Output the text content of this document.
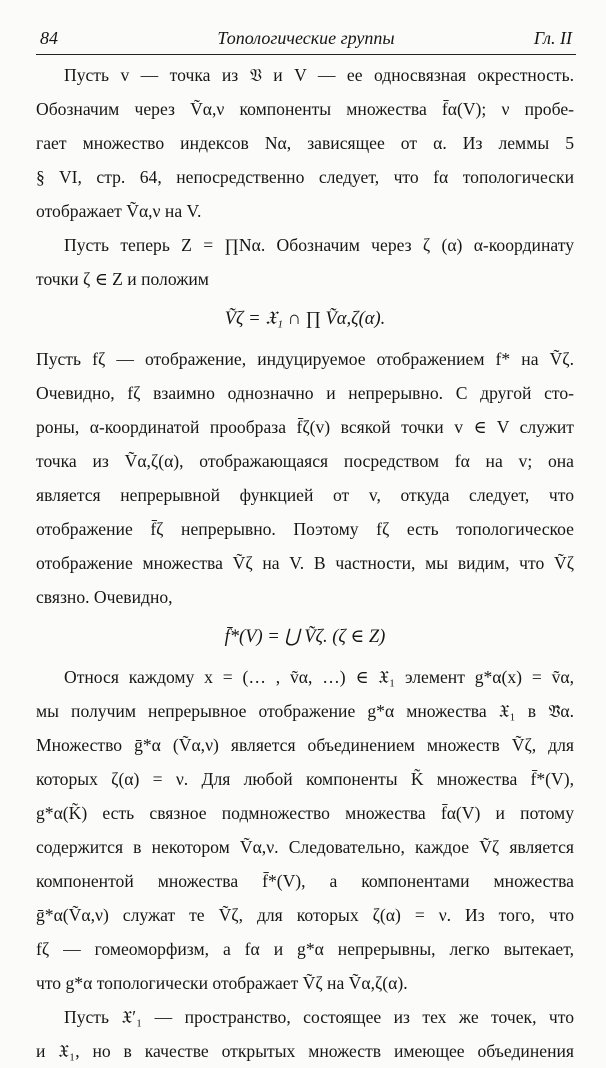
84	Топологические группы	Гл. II

Пусть v — точка из 𝔙 и V — ее односвязная окрестность.

Обозначим через Ṽα,ν компоненты множества f̄α(V); ν пробе-

гает множество индексов Nα, зависящее от α. Из леммы 5

§ VI, стр. 64, непосредственно следует, что fα топологически

отображает Ṽα,ν на V.

Пусть теперь Z = ∏Nα. Обозначим через ζ (α) α-координату

точки ζ ∈ Z и положим

Ṽζ = 𝔛₁ ∩ ∏ Ṽα,ζ(α).

Пусть fζ — отображение, индуцируемое отображением f* на Ṽζ.

Очевидно, fζ взаимно однозначно и непрерывно. С другой сто-

роны, α-координатой прообраза f̄ζ(v) всякой точки v ∈ V служит

точка из Ṽα,ζ(α), отображающаяся посредством fα на v; она

является непрерывной функцией от v, откуда следует, что

отображение f̄ζ непрерывно. Поэтому fζ есть топологическое

отображение множества Ṽζ на V. В частности, мы видим, что Ṽζ

связно. Очевидно,

f̄*(V) = ⋃ Ṽζ. (ζ ∈ Z)

Относя каждому x = (… , ṽα, …) ∈ 𝔛₁ элемент g*α(x) = ṽα,

мы получим непрерывное отображение g*α множества 𝔛₁ в 𝔙̃α.

Множество ḡ*α (Ṽα,ν) является объединением множеств Ṽζ, для

которых ζ(α) = ν. Для любой компоненты K̃ множества f̄*(V),

g*α(K̃) есть связное подмножество множества f̄α(V) и потому

содержится в некотором Ṽα,ν. Следовательно, каждое Ṽζ является

компонентой множества f̄*(V), а компонентами множества

ḡ*α(Ṽα,ν) служат те Ṽζ, для которых ζ(α) = ν. Из того, что

fζ — гомеоморфизм, а fα и g*α непрерывны, легко вытекает,

что g*α топологически отображает Ṽζ на Ṽα,ζ(α).

Пусть 𝔛′₁ — пространство, состоящее из тех же точек, что

и 𝔛₁, но в качестве открытых множеств имеющее объединения
